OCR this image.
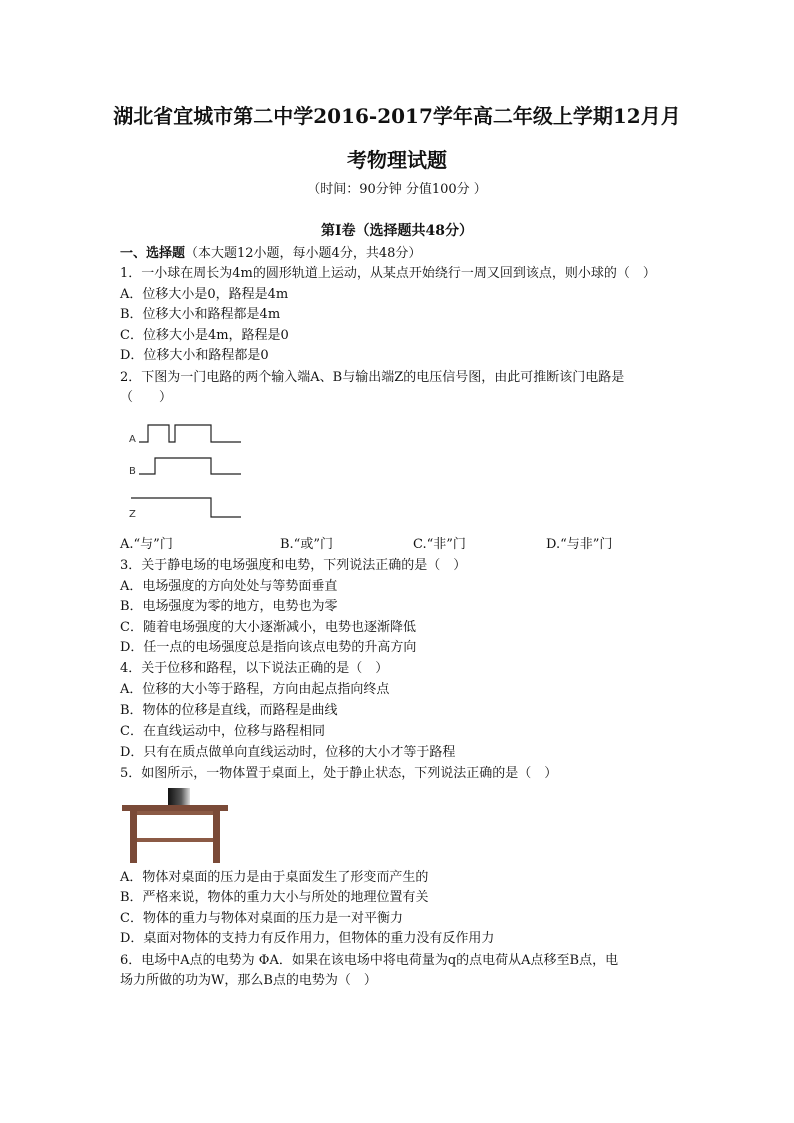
湖北省宜城市第二中学2016-2017学年高二年级上学期12月月
考物理试题
（时间：90分钟 分值100分 ）
第Ⅰ卷（选择题共48分）
一、选择题（本大题12小题，每小题4分，共48分）
1．一小球在周长为4m的圆形轨道上运动，从某点开始绕行一周又回到该点，则小球的（　）
A．位移大小是0，路程是4m
B．位移大小和路程都是4m
C．位移大小是4m，路程是0
D．位移大小和路程都是0
2．下图为一门电路的两个输入端A、B与输出端Z的电压信号图，由此可推断该门电路是
（　　）
A
B
Z
A.“与”门	B.“或”门	C.“非”门	D.“与非”门
3．关于静电场的电场强度和电势，下列说法正确的是（　）
A．电场强度的方向处处与等势面垂直
B．电场强度为零的地方，电势也为零
C．随着电场强度的大小逐渐减小，电势也逐渐降低
D．任一点的电场强度总是指向该点电势的升高方向
4．关于位移和路程，以下说法正确的是（　）
A．位移的大小等于路程，方向由起点指向终点
B．物体的位移是直线，而路程是曲线
C．在直线运动中，位移与路程相同
D．只有在质点做单向直线运动时，位移的大小才等于路程
5．如图所示，一物体置于桌面上，处于静止状态，下列说法正确的是（　）
A．物体对桌面的压力是由于桌面发生了形变而产生的
B．严格来说，物体的重力大小与所处的地理位置有关
C．物体的重力与物体对桌面的压力是一对平衡力
D．桌面对物体的支持力有反作用力，但物体的重力没有反作用力
6．电场中A点的电势为 ΦA．如果在该电场中将电荷量为q的点电荷从A点移至B点，电
场力所做的功为W，那么B点的电势为（　）
